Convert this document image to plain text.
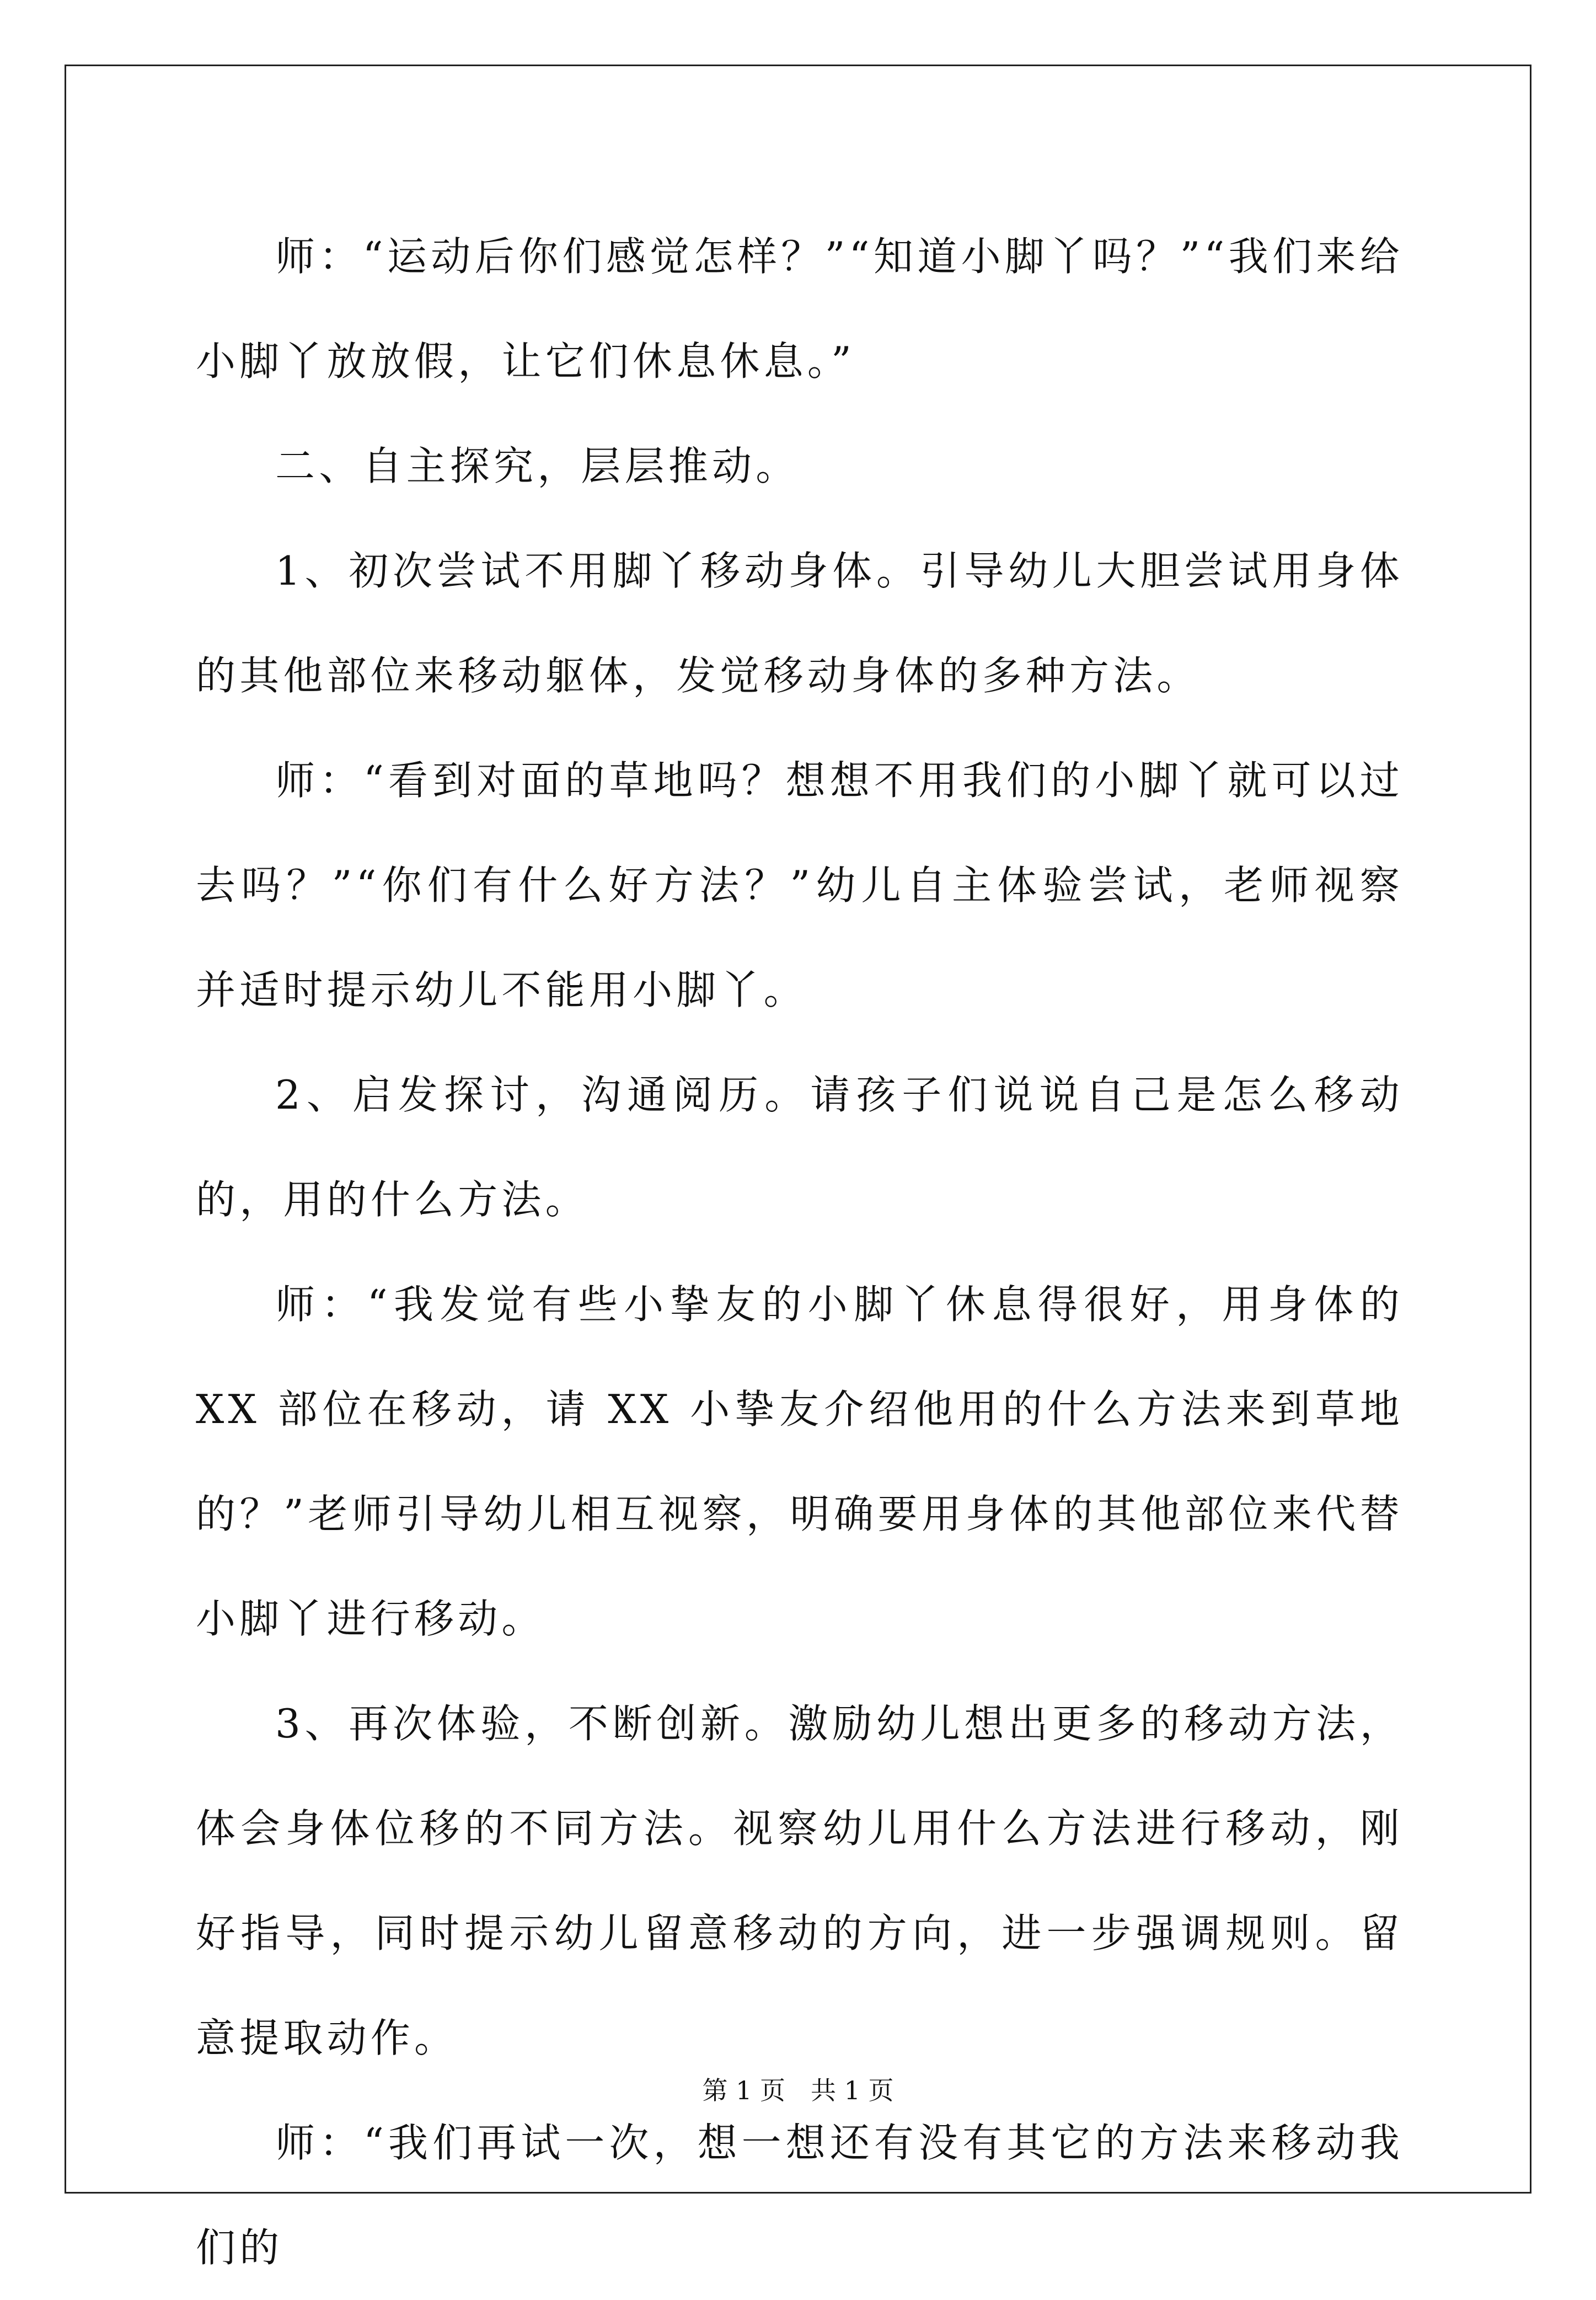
师：“运动后你们感觉怎样？”“知道小脚丫吗？”“我们来给小脚丫放放假，让它们休息休息。”

二、自主探究，层层推动。

1、初次尝试不用脚丫移动身体。引导幼儿大胆尝试用身体的其他部位来移动躯体，发觉移动身体的多种方法。

师：“看到对面的草地吗？想想不用我们的小脚丫就可以过去吗？”“你们有什么好方法？”幼儿自主体验尝试，老师视察并适时提示幼儿不能用小脚丫。

2、启发探讨，沟通阅历。请孩子们说说自己是怎么移动的，用的什么方法。

师：“我发觉有些小挚友的小脚丫休息得很好，用身体的 XX 部位在移动，请 XX 小挚友介绍他用的什么方法来到草地的？”老师引导幼儿相互视察，明确要用身体的其他部位来代替小脚丫进行移动。

3、再次体验，不断创新。激励幼儿想出更多的移动方法，体会身体位移的不同方法。视察幼儿用什么方法进行移动，刚好指导，同时提示幼儿留意移动的方向，进一步强调规则。留意提取动作。

师：“我们再试一次，想一想还有没有其它的方法来移动我们的

第 1 页　共 1 页
